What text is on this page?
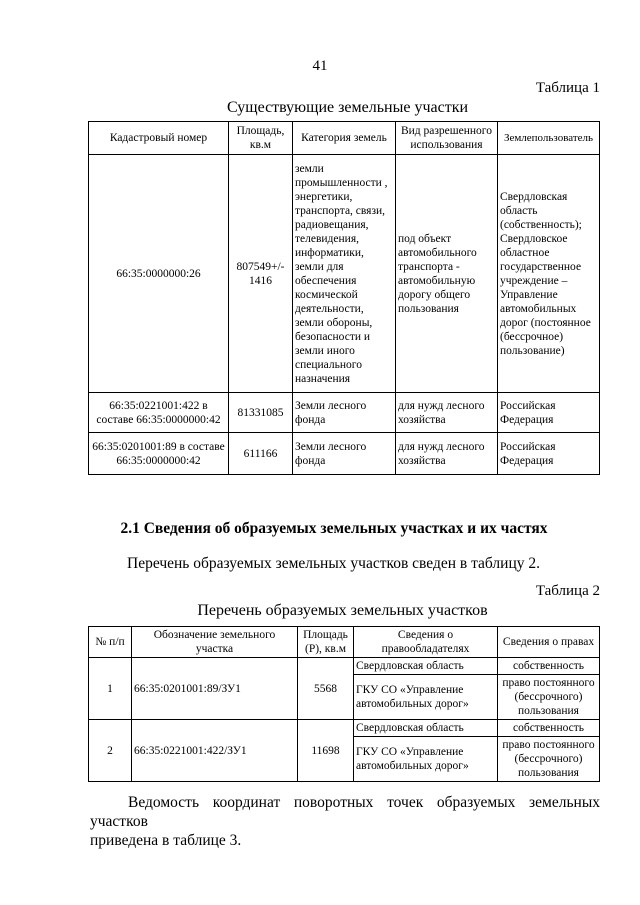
41
Таблица 1
Существующие земельные участки
Кадастровый номер	Площадь, кв.м	Категория земель	Вид разрешенного использования	Землепользователь
66:35:0000000:26	807549+/- 1416	земли промышленности , энергетики, транспорта, связи, радиовещания, телевидения, информатики, земли для обеспечения космической деятельности, земли обороны, безопасности и земли иного специального назначения	под объект автомобильного транспорта - автомобильную дорогу общего пользования	Свердловская область (собственность); Свердловское областное государственное учреждение – Управление автомобильных дорог (постоянное (бессрочное) пользование)
66:35:0221001:422 в составе 66:35:0000000:42	81331085	Земли лесного фонда	для нужд лесного хозяйства	Российская Федерация
66:35:0201001:89 в составе 66:35:0000000:42	611166	Земли лесного фонда	для нужд лесного хозяйства	Российская Федерация
2.1 Сведения об образуемых земельных участках и их частях
Перечень образуемых земельных участков сведен в таблицу 2.
Таблица 2
Перечень образуемых земельных участков
№ п/п	Обозначение земельного участка	Площадь (Р), кв.м	Сведения о правообладателях	Сведения о правах
1	66:35:0201001:89/ЗУ1	5568	Свердловская область	собственность
			ГКУ СО «Управление автомобильных дорог»	право постоянного (бессрочного) пользования
2	66:35:0221001:422/ЗУ1	11698	Свердловская область	собственность
			ГКУ СО «Управление автомобильных дорог»	право постоянного (бессрочного) пользования
Ведомость координат поворотных точек образуемых земельных участков
приведена в таблице 3.
